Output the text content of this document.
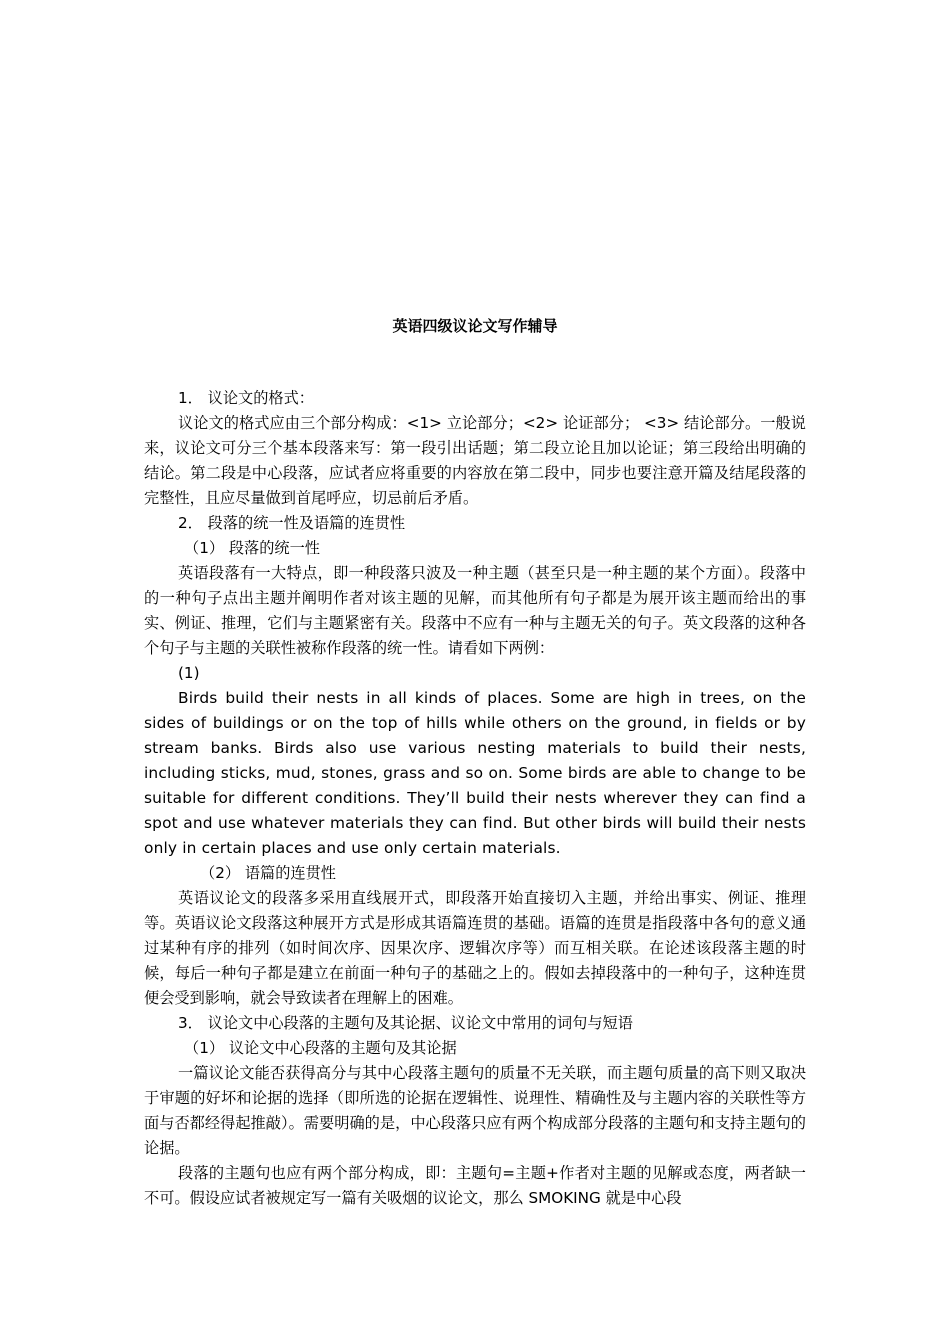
英语四级议论文写作辅导

1． 议论文的格式：

议论文的格式应由三个部分构成：<1> 立论部分；<2> 论证部分； <3> 结论部分。一般说来，议论文可分三个基本段落来写：第一段引出话题；第二段立论且加以论证；第三段给出明确的结论。第二段是中心段落，应试者应将重要的内容放在第二段中，同步也要注意开篇及结尾段落的完整性，且应尽量做到首尾呼应，切忌前后矛盾。

2． 段落的统一性及语篇的连贯性

（1） 段落的统一性

英语段落有一大特点，即一种段落只波及一种主题（甚至只是一种主题的某个方面）。段落中的一种句子点出主题并阐明作者对该主题的见解，而其他所有句子都是为展开该主题而给出的事实、例证、推理，它们与主题紧密有关。段落中不应有一种与主题无关的句子。英文段落的这种各个句子与主题的关联性被称作段落的统一性。请看如下两例：

(1)

Birds build their nests in all kinds of places. Some are high in trees, on the sides of buildings or on the top of hills while others on the ground, in fields or by stream banks. Birds also use various nesting materials to build their nests, including sticks, mud, stones, grass and so on. Some birds are able to change to be suitable for different conditions. They’ll build their nests wherever they can find a spot and use whatever materials they can find. But other birds will build their nests only in certain places and use only certain materials.

（2） 语篇的连贯性

英语议论文的段落多采用直线展开式，即段落开始直接切入主题，并给出事实、例证、推理等。英语议论文段落这种展开方式是形成其语篇连贯的基础。语篇的连贯是指段落中各句的意义通过某种有序的排列（如时间次序、因果次序、逻辑次序等）而互相关联。在论述该段落主题的时候，每后一种句子都是建立在前面一种句子的基础之上的。假如去掉段落中的一种句子，这种连贯便会受到影响，就会导致读者在理解上的困难。

3． 议论文中心段落的主题句及其论据、议论文中常用的词句与短语

（1） 议论文中心段落的主题句及其论据

一篇议论文能否获得高分与其中心段落主题句的质量不无关联，而主题句质量的高下则又取决于审题的好坏和论据的选择（即所选的论据在逻辑性、说理性、精确性及与主题内容的关联性等方面与否都经得起推敲）。需要明确的是，中心段落只应有两个构成部分段落的主题句和支持主题句的论据。

段落的主题句也应有两个部分构成，即：主题句=主题+作者对主题的见解或态度，两者缺一不可。假设应试者被规定写一篇有关吸烟的议论文，那么 SMOKING 就是中心段
